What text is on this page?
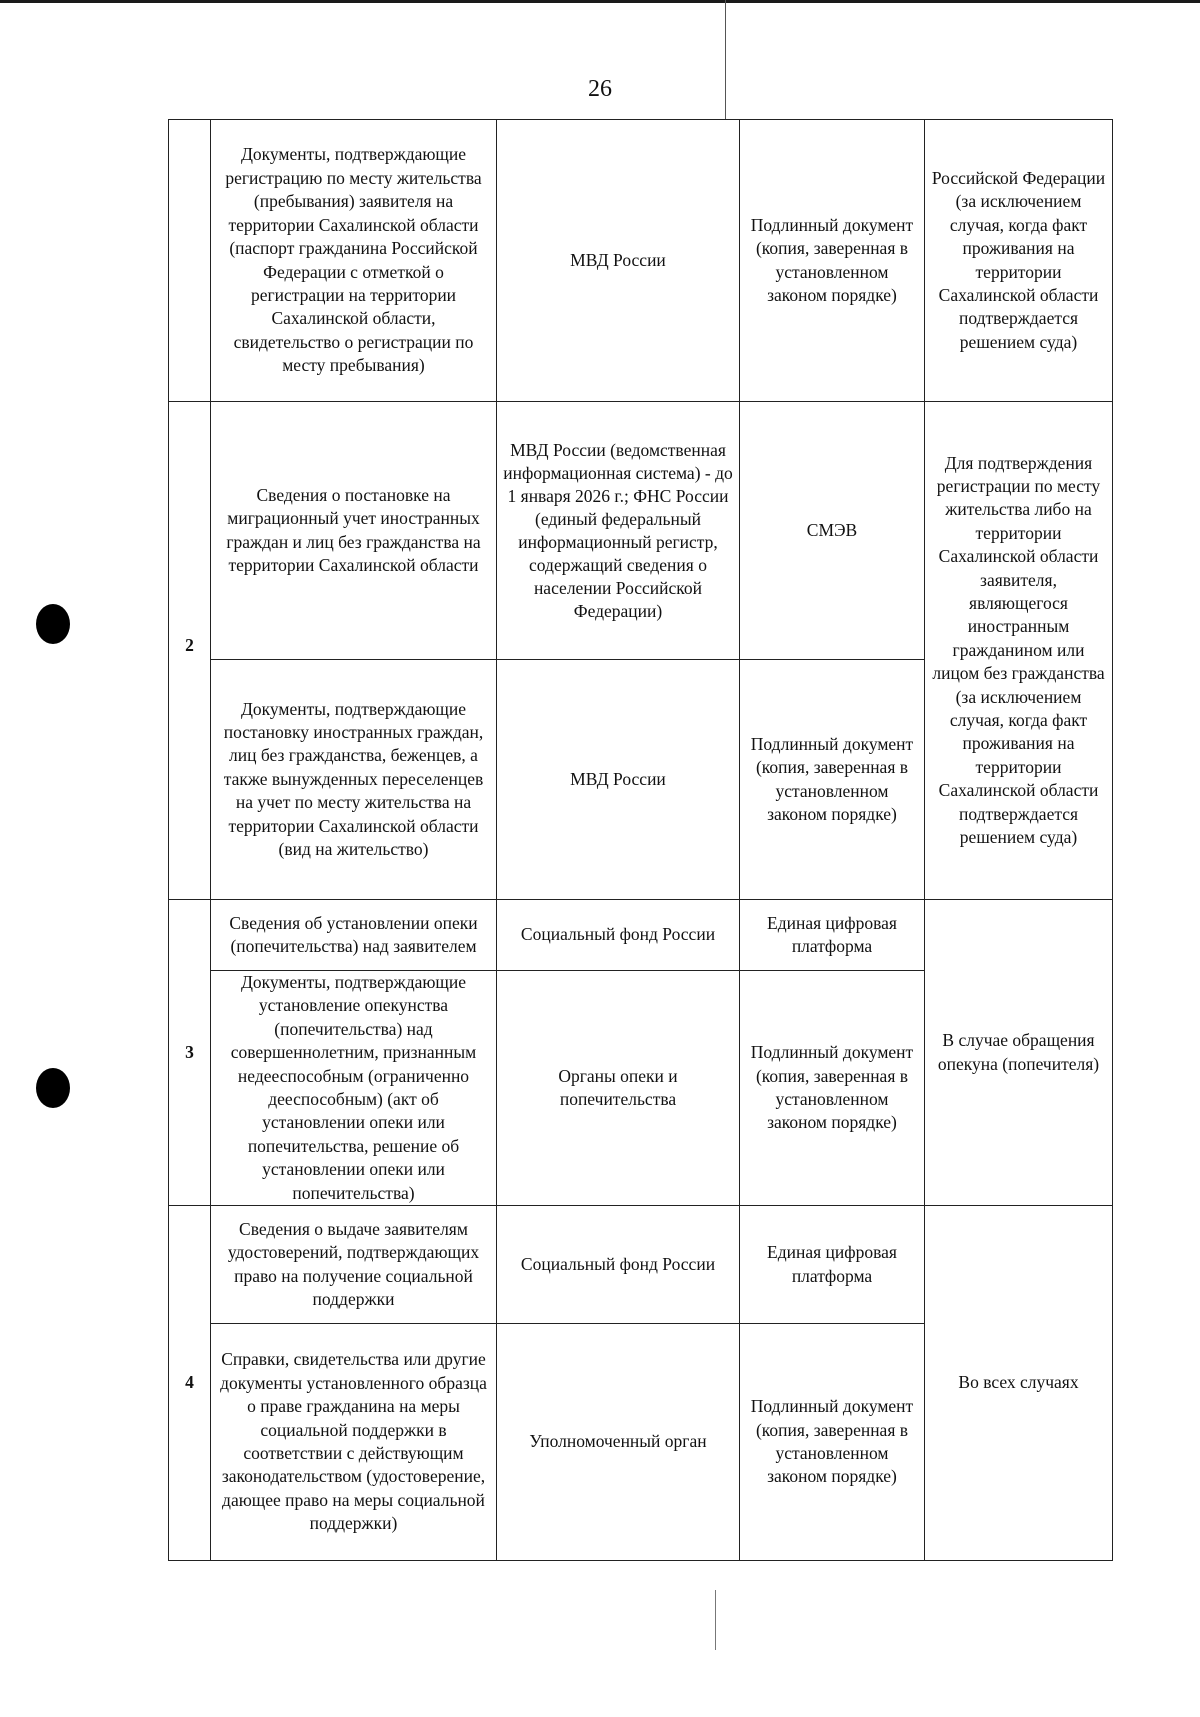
26
	Документы, подтверждающие регистрацию по месту жительства (пребывания) заявителя на территории Сахалинской области (паспорт гражданина Российской Федерации с отметкой о регистрации на территории Сахалинской области, свидетельство о регистрации по месту пребывания)	МВД России	Подлинный документ (копия, заверенная в установленном законом порядке)	Российской Федерации (за исключением случая, когда факт проживания на территории Сахалинской области подтверждается решением суда)
2	Сведения о постановке на миграционный учет иностранных граждан и лиц без гражданства на территории Сахалинской области	МВД России (ведомственная информационная система) - до 1 января 2026 г.; ФНС России (единый федеральный информационный регистр, содержащий сведения о населении Российской Федерации)	СМЭВ	Для подтверждения регистрации по месту жительства либо на территории Сахалинской области заявителя, являющегося иностранным гражданином или лицом без гражданства (за исключением случая, когда факт проживания на территории Сахалинской области подтверждается решением суда)
	Документы, подтверждающие постановку иностранных граждан, лиц без гражданства, беженцев, а также вынужденных переселенцев на учет по месту жительства на территории Сахалинской области (вид на жительство)	МВД России	Подлинный документ (копия, заверенная в установленном законом порядке)	
3	Сведения об установлении опеки (попечительства) над заявителем	Социальный фонд России	Единая цифровая платформа	В случае обращения опекуна (попечителя)
	Документы, подтверждающие установление опекунства (попечительства) над совершеннолетним, признанным недееспособным (ограниченно дееспособным) (акт об установлении опеки или попечительства, решение об установлении опеки или попечительства)	Органы опеки и попечительства	Подлинный документ (копия, заверенная в установленном законом порядке)	
4	Сведения о выдаче заявителям удостоверений, подтверждающих право на получение социальной поддержки	Социальный фонд России	Единая цифровая платформа	Во всех случаях
	Справки, свидетельства или другие документы установленного образца о праве гражданина на меры социальной поддержки в соответствии с действующим законодательством (удостоверение, дающее право на меры социальной поддержки)	Уполномоченный орган	Подлинный документ (копия, заверенная в установленном законом порядке)	
